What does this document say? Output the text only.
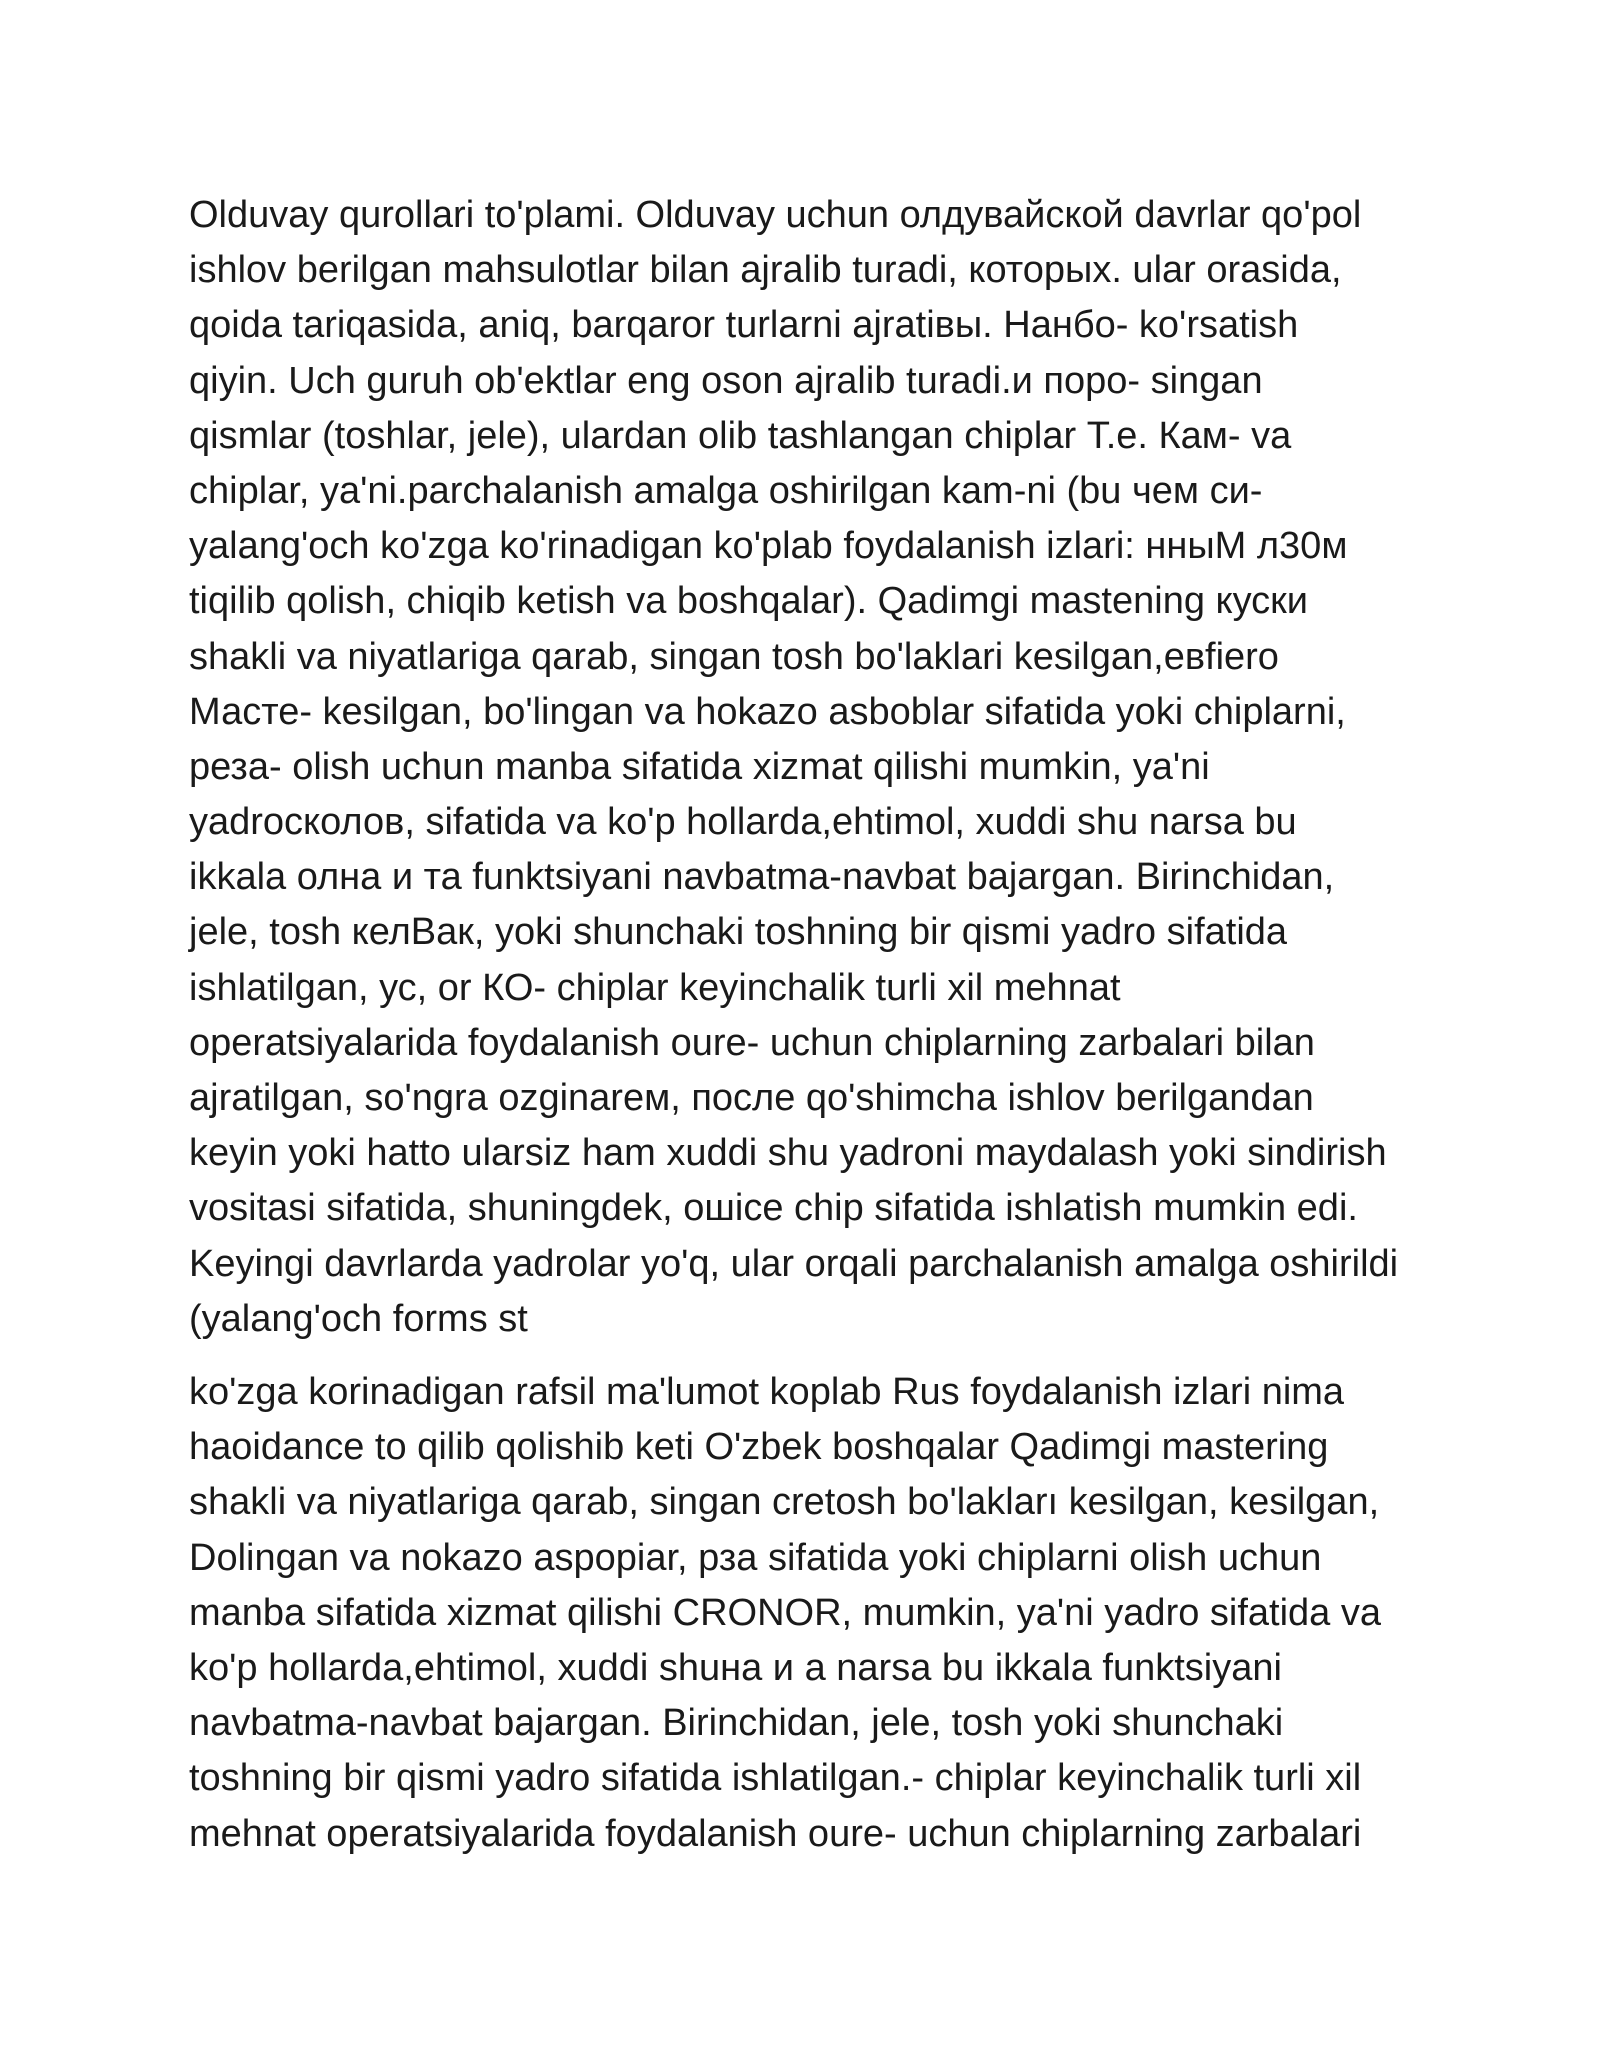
Olduvay qurollari to'plami. Olduvay uchun олдувайской davrlar qo'pol
ishlov berilgan mahsulotlar bilan ajralib turadi, которых. ular orasida,
qoida tariqasida, aniq, barqaror turlarni ajratiвы. Нанбо- ko'rsatish
qiyin. Uch guruh ob'ektlar eng oson ajralib turadi.и поро- singan
qismlar (toshlar, jele), ulardan olib tashlangan chiplar Т.е. Кам- va
chiplar, ya'ni.parchalanish amalga oshirilgan kam-ni (bu чем си-
yalang'och ko'zga ko'rinadigan ko'plab foydalanish izlari: нныМ л30м
tiqilib qolish, chiqib ketish va boshqalar). Qadimgi mastening куски
shakli va niyatlariga qarab, singan tosh bo'laklari kesilgan,евfiero
Масте- kesilgan, bo'lingan va hokazo asboblar sifatida yoki chiplarni,
реза- olish uchun manba sifatida xizmat qilishi mumkin, ya'ni
yadrосколов, sifatida va ko'p hollarda,ehtimol, xuddi shu narsa bu
ikkala олна и та funktsiyani navbatma-navbat bajargan. Birinchidan,
jele, tosh келВак, yoki shunchaki toshning bir qismi yadro sifatida
ishlatilgan, ус, or КО- chiplar keyinchalik turli xil mehnat
operatsiyalarida foydalanish oure- uchun chiplarning zarbalari bilan
ajratilgan, so'ngra ozginarем, после qo'shimcha ishlov berilgandan
keyin yoki hatto ularsiz ham xuddi shu yadroni maydalash yoki sindirish
vositasi sifatida, shuningdek, ошiсе chip sifatida ishlatish mumkin edi.
Keyingi davrlarda yadrolar yo'q, ular orqali parchalanish amalga oshirildi
(yalang'och forms st
ko'zga korinadigan rafsil ma'lumot koplab Rus foydalanish izlari nima
haoidance to qilib qolishib keti O'zbek boshqalar Qadimgi mastering
shakli va niyatlariga qarab, singan cretosh bo'lakları kesilgan, kesilgan,
Dolingan va nokazo aspopiar, рза sifatida yoki chiplarni olish uchun
manba sifatida xizmat qilishi CRONOR, mumkin, ya'ni yadro sifatida va
ko'p hollarda,ehtimol, xuddi shuна и а narsa bu ikkala funktsiyani
navbatma-navbat bajargan. Birinchidan, jele, tosh yoki shunchaki
toshning bir qismi yadro sifatida ishlatilgan.- chiplar keyinchalik turli xil
mehnat operatsiyalarida foydalanish oure- uchun chiplarning zarbalari
